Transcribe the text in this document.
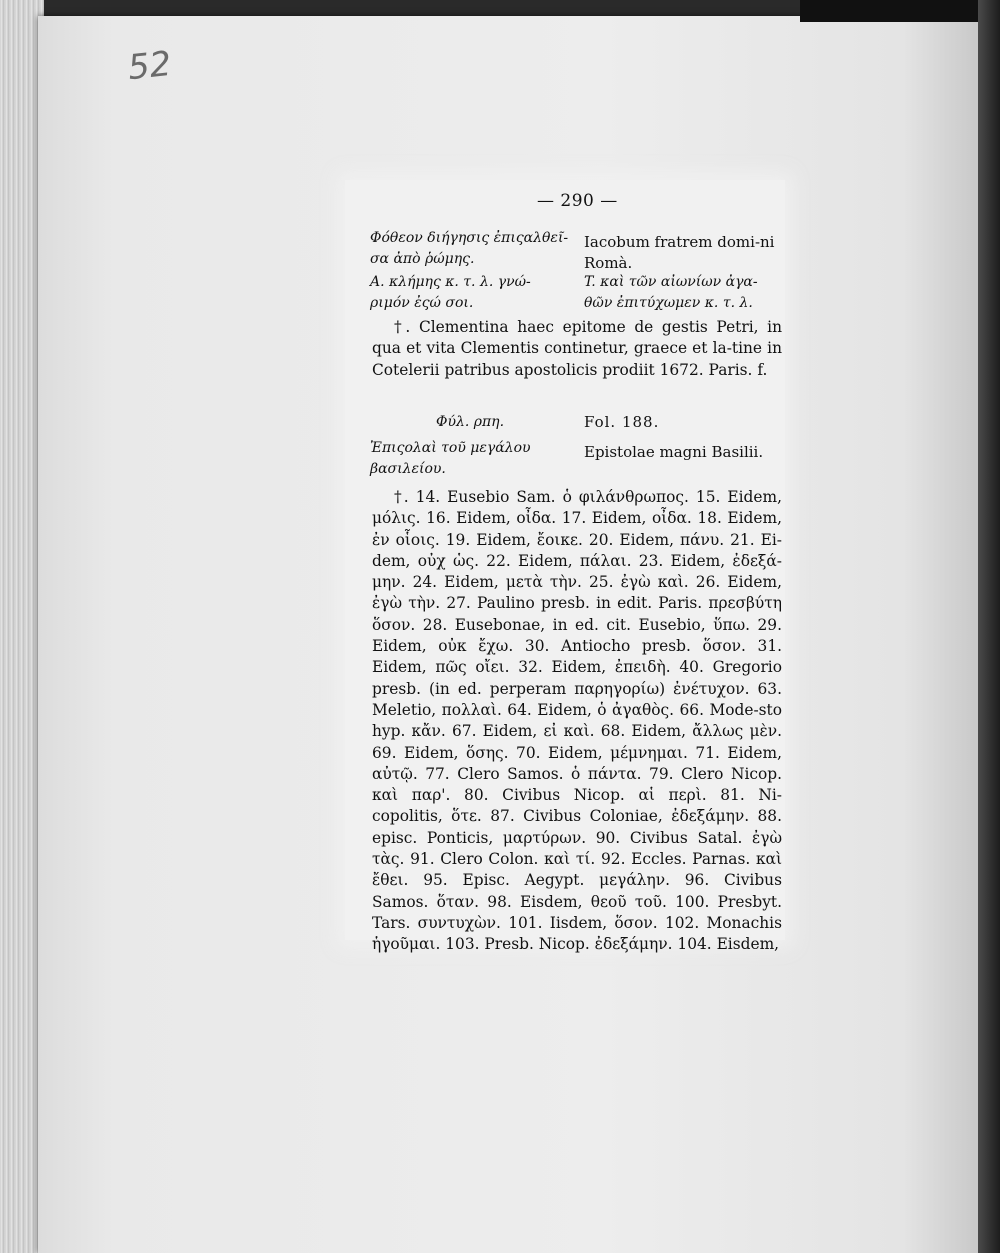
52
— 290 —
Φόθεον διήγησις ἐπιςαλθεῖ-σα ἀπὸ ῥώμης.
Iacobum fratrem domi-ni Romà.
A. κλήμης κ. τ. λ. γνώ-ριμόν ἐςώ σοι.
T. καὶ τῶν αἰωνίων ἀγα-θῶν ἐπιτύχωμεν κ. τ. λ.
†. Clementina haec epitome de gestis Petri, in qua et vita Clementis continetur, graece et la-tine in Cotelerii patribus apostolicis prodiit 1672. Paris. f.
Φύλ. ρπη.	Fol. 188.
Ἐπιςολαὶ τοῦ μεγάλου βασιλείου.
Epistolae magni Basilii.
†. 14. Eusebio Sam. ὁ φιλάνθρωπος. 15. Eidem, μόλις. 16. Eidem, οἶδα. 17. Eidem, οἶδα. 18. Eidem, ἐν οἷοις. 19. Eidem, ἔοικε. 20. Eidem, πάνυ. 21. Ei-dem, οὐχ ὡς. 22. Eidem, πάλαι. 23. Eidem, ἐδεξά-μην. 24. Eidem, μετὰ τὴν. 25. ἐγὼ καὶ. 26. Eidem, ἐγὼ τὴν. 27. Paulino presb. in edit. Paris. πρεσβύτη ὅσον. 28. Eusebonae, in ed. cit. Eusebio, ὕπω. 29. Eidem, οὐκ ἔχω. 30. Antiocho presb. ὅσον. 31. Eidem, πῶς οἴει. 32. Eidem, ἐπειδὴ. 40. Gregorio presb. (in ed. perperam παρηγορίω) ἐνέτυχον. 63. Meletio, πολλαὶ. 64. Eidem, ὁ ἀγαθὸς. 66. Mode-sto hyp. κἄν. 67. Eidem, εἰ καὶ. 68. Eidem, ἄλλως μὲν. 69. Eidem, ὅσης. 70. Eidem, μέμνημαι. 71. Eidem, αὐτῷ. 77. Clero Samos. ὁ πάντα. 79. Clero Nicop. καὶ παρ'. 80. Civibus Nicop. αἱ περὶ. 81. Ni-copolitis, ὅτε. 87. Civibus Coloniae, ἐδεξάμην. 88. episc. Ponticis, μαρτύρων. 90. Civibus Satal. ἐγὼ τὰς. 91. Clero Colon. καὶ τί. 92. Eccles. Parnas. καὶ ἔθει. 95. Episc. Aegypt. μεγάλην. 96. Civibus Samos. ὅταν. 98. Eisdem, θεοῦ τοῦ. 100. Presbyt. Tars. συντυχὼν. 101. Iisdem, ὅσον. 102. Monachis ἡγοῦμαι. 103. Presb. Nicop. ἐδεξάμην. 104. Eisdem,
